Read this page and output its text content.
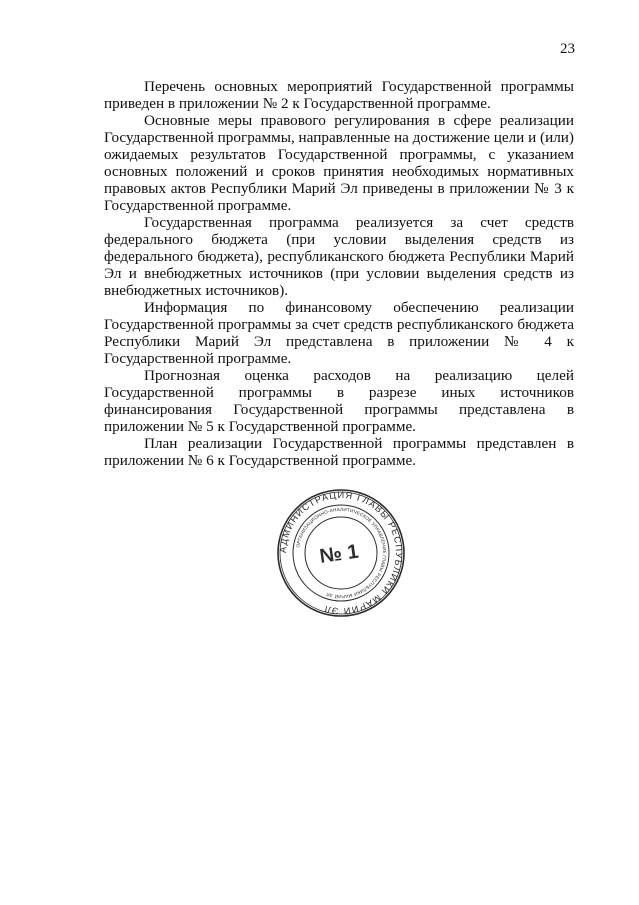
23

Перечень основных мероприятий Государственной программы приведен в приложении № 2 к Государственной программе.

Основные меры правового регулирования в сфере реализации Государственной программы, направленные на достижение цели и (или) ожидаемых результатов Государственной программы, с указанием основных положений и сроков принятия необходимых нормативных правовых актов Республики Марий Эл приведены в приложении № 3 к Государственной программе.

Государственная программа реализуется за счет средств федерального бюджета (при условии выделения средств из федерального бюджета), республиканского бюджета Республики Марий Эл и внебюджетных источников (при условии выделения средств из внебюджетных источников).

Информация по финансовому обеспечению реализации Государственной программы за счет средств республиканского бюджета Республики Марий Эл представлена в приложении № 4 к Государственной программе.

Прогнозная оценка расходов на реализацию целей Государственной программы в разрезе иных источников финансирования Государственной программы представлена в приложении № 5 к Государственной программе.

План реализации Государственной программы представлен в приложении № 6 к Государственной программе.

АДМИНИСТРАЦИЯ ГЛАВЫ РЕСПУБЛИКИ МАРИЙ ЭЛ
ОРГАНИЗАЦИОННО-АНАЛИТИЧЕСКОЕ УПРАВЛЕНИЕ ГЛАВЫ РЕСПУБЛИКИ МАРИЙ ЭЛ
№ 1
